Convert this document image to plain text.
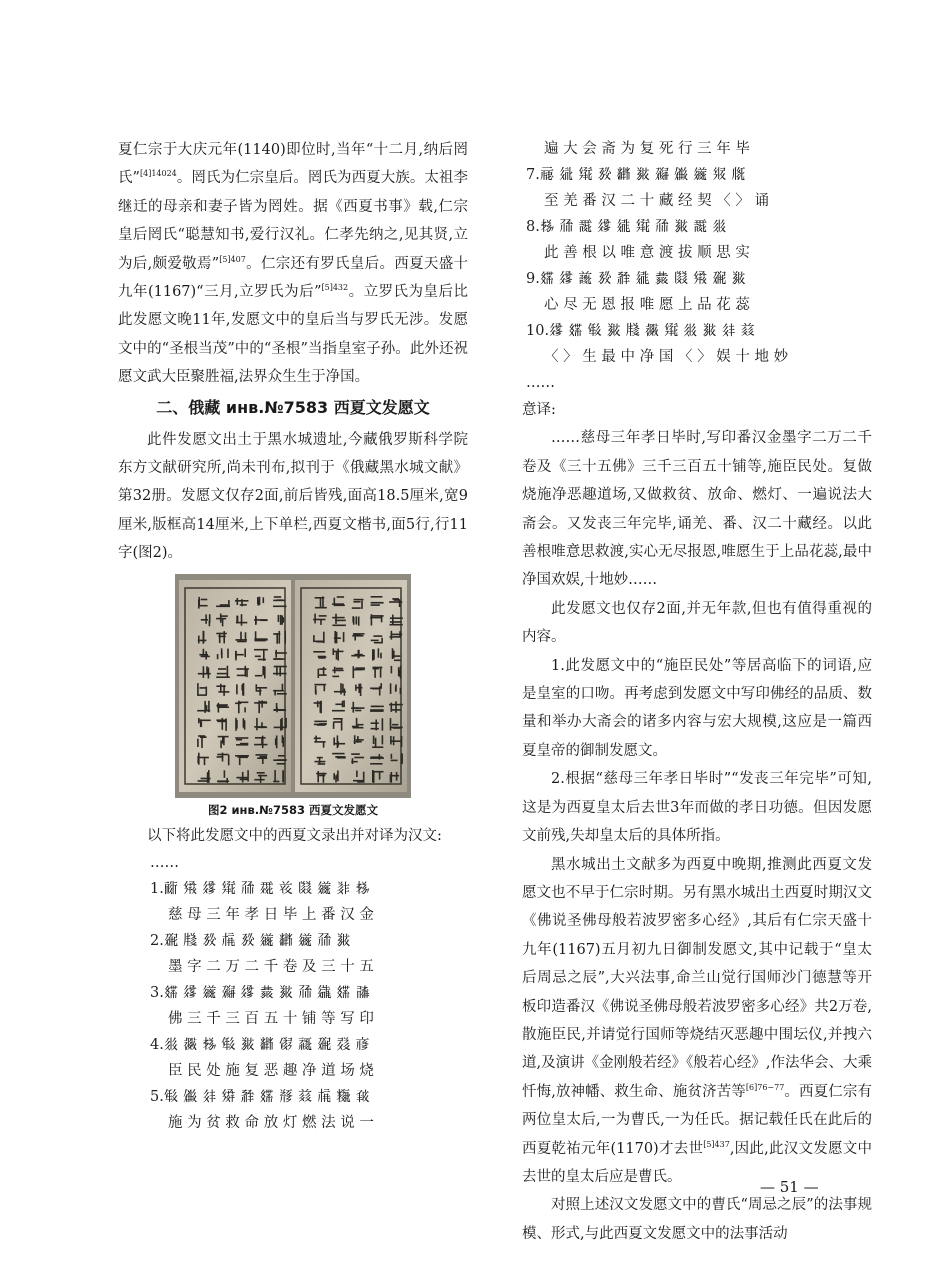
夏仁宗于大庆元年(1140)即位时,当年“十二月,纳后罔氏”$^{[4]14024}$。罔氏为仁宗皇后。罔氏为西夏大族。太祖李继迁的母亲和妻子皆为罔姓。据《西夏书事》载,仁宗皇后罔氏“聪慧知书,爱行汉礼。仁孝先纳之,见其贤,立为后,颇爱敬焉”$^{[5]407}$。仁宗还有罗氏皇后。西夏天盛十九年(1167)“三月,立罗氏为后”$^{[5]432}$。立罗氏为皇后比此发愿文晚11年,发愿文中的皇后当与罗氏无涉。发愿文中的“圣根当茂”中的“圣根”当指皇室子孙。此外还祝愿文武大臣聚胜福,法界众生生于净国。

二、俄藏 инв.№7583 西夏文发愿文

此件发愿文出土于黑水城遗址,今藏俄罗斯科学院东方文献研究所,尚未刊布,拟刊于《俄藏黑水城文献》第32册。发愿文仅存2面,前后皆残,面高18.5厘米,宽9厘米,版框高14厘米,上下单栏,西夏文楷书,面5行,行11字(图2)。

图2 инв.№7583 西夏文发愿文

以下将此发愿文中的西夏文录出并对译为汉文:

……
1.𗠁𗋽𗧘𗋕𗗙𗴺𘝞𗂸𗫂𘎳𗈪
慈母三年孝日毕上番汉金
2.𗘂𗹦𗉔𗍫𗉔𗫂𘂤𗫂𗗙𗯴
墨字二万二千卷及三十五
3.𗿒𗧘𗫂𗘅𗧘𗳀𗯴𗗙𗪘𗿒𗰜
佛三千三百五十铺等写印
4.𗼈𗗂𗈪𘓐𗯴𘂤𗃮𗹙𗘂𘅇𗇋
臣民处施复恶趣净道场烧
5.𘓐𗏹𗢳𗋾𗴂𗿒𘃡𗑠𗍫𗯝𘆄
施为贫救命放灯燃法说一
遍大会斋为复死行三年毕
7.𗄊𗣼𗋕𗉔𘂤𗯴𗘅𗏹𗫂𗊛𗅋
至羌番汉二十藏经契〈〉诵
8.𗈪𗗙𗵘𗧘𗧓𗋕𗗙𗯴𗵘𗼈
此善根以唯意渡拔顺思实
9.𗿒𗧘𗔫𗉔𗴂𗧓𗳀𗂸𗋽𗘂𗯴
心尽无恩报唯愿上品花蕊
10.𗧘𗿒𘓐𗯴𗹦𗗂𗋕𗼈𗯴𗢳𗑠
〈〉生最中净国〈〉娱十地妙
……

意译:

……慈母三年孝日毕时,写印番汉金墨字二万二千卷及《三十五佛》三千三百五十铺等,施臣民处。复做烧施净恶趣道场,又做救贫、放命、燃灯、一遍说法大斋会。又发丧三年完毕,诵羌、番、汉二十藏经。以此善根唯意思救渡,实心无尽报恩,唯愿生于上品花蕊,最中净国欢娱,十地妙……

此发愿文也仅存2面,并无年款,但也有值得重视的内容。

1.此发愿文中的“施臣民处”等居高临下的词语,应是皇室的口吻。再考虑到发愿文中写印佛经的品质、数量和举办大斋会的诸多内容与宏大规模,这应是一篇西夏皇帝的御制发愿文。

2.根据“慈母三年孝日毕时”“发丧三年完毕”可知,这是为西夏皇太后去世3年而做的孝日功德。但因发愿文前残,失却皇太后的具体所指。

黑水城出土文献多为西夏中晚期,推测此西夏文发愿文也不早于仁宗时期。另有黑水城出土西夏时期汉文《佛说圣佛母般若波罗密多心经》,其后有仁宗天盛十九年(1167)五月初九日御制发愿文,其中记载于“皇太后周忌之辰”,大兴法事,命兰山觉行国师沙门德慧等开板印造番汉《佛说圣佛母般若波罗密多心经》共2万卷,散施臣民,并请觉行国师等烧结灭恶趣中围坛仪,并拽六道,及演讲《金刚般若经》《般若心经》,作法华会、大乘忏悔,放神幡、救生命、施贫济苦等$^{[6]76-77}$。西夏仁宗有两位皇太后,一为曹氏,一为任氏。据记载任氏在此后的西夏乾祐元年(1170)才去世$^{[5]437}$,因此,此汉文发愿文中去世的皇太后应是曹氏。

对照上述汉文发愿文中的曹氏“周忌之辰”的法事规模、形式,与此西夏文发愿文中的法事活动

— 51 —
